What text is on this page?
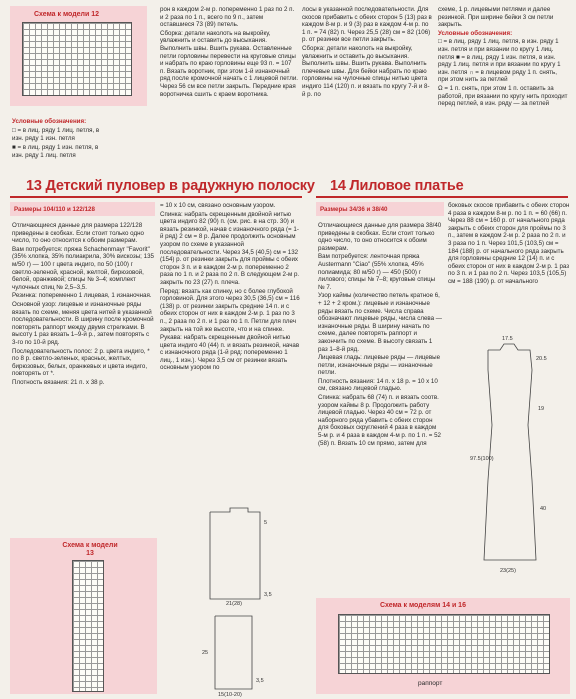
Схема к модели 12

Условные обозначения:

□ = в лиц. ряду 1 лиц. петля, в

изн. ряду 1 изн. петля

■ = в лиц. ряду 1 изн. петля, в

изн. ряду 1 лиц. петля

рон в каждом 2-м р. попеременно 1 раз по 2 п. и 2 раза по 1 п., всего по 9 п., затем оставшиеся 73 (89) петель.

Сборка: детали наколоть на выкройку, увлажнить и оставить до высыхания. Выполнить швы. Вшить рукава. Оставленные петли горловины перевести на круговые спицы и набрать по краю горловины еще 93 п. = 107 п. Вязать воротник, при этом 1-й изнаночный ряд после кромочной начать с 1 лицевой петли. Через 56 см все петли закрыть. Передние края воротничка сшить с краем воротника.

лосы в указанной последовательности. Для скосов прибавить с обеих сторон 5 (13) раз в каждом 8-м р. и 9 (3) раз в каждом 4-м р. по 1 п. = 74 (82) п. Через 25,5 (28) см = 82 (106) р. от резинки все петли закрыть.

Сборка: детали наколоть на выкройку, увлажнить и оставить до высыхания. Выполнить швы. Вшить рукава. Выполнить плечевые швы. Для бейки набрать по краю горловины на чулочные спицы нитью цвета индиго 114 (120) п. и вязать по кругу 7-й и 8-й р. по

схеме, 1 р. лицевыми петлями и далее резинкой. При ширине бейки 3 см петли закрыть.

Условные обозначения:

□ = в лиц. ряду 1 лиц. петля, в изн. ряду 1 изн. петля и при вязании по кругу 1 лиц. петля ■ = в лиц. ряду 1 изн. петля, в изн. ряду 1 лиц. петля и при вязании по кругу 1 изн. петля ∩ = в лицевом ряду 1 п. снять, при этом нить за петлей

Ω = 1 п. снять, при этом 1 п. оставить за работой, при вязании по кругу нить проходит перед петлей, в изн. ряду — за петлей

13 Детский пуловер в радужную полоску 14 Лиловое платье
Размеры 104/110 и 122/128

Отличающиеся данные для размера 122/128 приведены в скобках. Если стоит только одно число, то оно относится к обоим размерам.

Вам потребуется: пряжа Schachenmayr "Favorit" (35% хлопка, 35% полиакрила, 30% вискозы; 135 м/50 г) — 100 г цвета индиго, по 50 (100) г светло-зеленой, красной, желтой, бирюзовой, белой, оранжевой; спицы № 3–4; комплект чулочных спиц № 2,5–3,5.

Резинка: попеременно 1 лицевая, 1 изнаночная.

Основной узор: лицевые и изнаночные ряды вязать по схеме, меняя цвета нитей в указанной последовательности. В ширину после кромочной повторять раппорт между двумя стрелками. В высоту 1 раз вязать 1–9-й р., затем повторять с 3-го по 10-й ряд.

Последовательность полос: 2 р. цвета индиго, * по 8 р. светло-зеленых, красных, желтых, бирюзовых, белых, оранжевых и цвета индиго, повторять от *.

Плотность вязания: 21 п. х 38 р.

= 10 х 10 см, связано основным узором.

Спинка: набрать скрещенным двойной нитью цвета индиго 82 (90) п. (см. рис. в на стр. 30) и вязать резинкой, начав с изнаночного ряда (= 1-й ряд) 2 см = 8 р. Далее продолжить основным узором по схеме в указанной последовательности. Через 34,5 (40,5) см = 132 (154) р. от резинки закрыть для проймы с обеих сторон 3 п. и в каждом 2-м р. попеременно 2 раза по 1 п. и 2 раза по 2 п. В следующем 2-м р. закрыть по 23 (27) п. плеча.

Перед: вязать как спинку, но с более глубокой горловиной. Для этого через 30,5 (36,5) см = 116 (138) р. от резинки закрыть средние 14 п. и с обеих сторон от них в каждом 2-м р. 1 раз по 3 п., 2 раза по 2 п. и 1 раз по 1 п. Петли для плеч закрыть на той же высоте, что и на спинке.

Рукава: набрать скрещенным двойной нитью цвета индиго 40 (44) п. и вязать резинкой, начав с изнаночного ряда (1-й ряд: попеременно 1 лиц., 1 изн.). Через 3,5 см от резинки вязать основным узором по

Схема к модели 13
21(28)
5
3,5
25
3,5
15(10-20)
Размеры 34/36 и 38/40

Отличающиеся данные для размера 38/40 приведены в скобках. Если стоит только одно число, то оно относится к обоим размерам.

Вам потребуется: ленточная пряжа Austermann "Ciao" (55% хлопка, 45% полиамида; 80 м/50 г) — 450 (500) г лилового; спицы № 7–8; круговые спицы № 7.

Узор каймы (количество петель кратное 6, + 12 + 2 кром.): лицевые и изнаночные ряды вязать по схеме. Числа справа обозначают лицевые ряды, числа слева — изнаночные ряды. В ширину начать по схеме, далее повторять раппорт и закончить по схеме. В высоту связать 1 раз 1–8-й ряд.

Лицевая гладь: лицевые ряды — лицевые петли, изнаночные ряды — изнаночные петли.

Плотность вязания: 14 п. х 18 р. = 10 х 10 см, связано лицевой гладью.

Спинка: набрать 68 (74) п. и вязать соотв. узором каймы 8 р. Продолжить работу лицевой гладью. Через 40 см = 72 р. от наборного ряда убавить с обеих сторон для боковых скруглений 4 раза в каждом 5-м р. и 4 раза в каждом 4-м р. по 1 п. = 52 (58) п. Вязать 10 см прямо, затем для

боковых скосов прибавить с обеих сторон 4 раза в каждом 8-м р. по 1 п. = 60 (66) п. Через 88 см = 160 р. от начального ряда закрыть с обеих сторон для проймы по 3 п., затем в каждом 2-м р. 2 раза по 2 п. и 3 раза по 1 п. Через 101,5 (103,5) см = 184 (188) р. от начального ряда закрыть для горловины средние 12 (14) п. и с обеих сторон от них в каждом 2-м р. 1 раз по 3 п. и 1 раз по 2 п. Через 103,5 (105,5) см = 188 (190) р. от начального

17.5
20.5
19
40
97.5(100)
23(25)
Схема к моделям 14 и 16
раппорт
